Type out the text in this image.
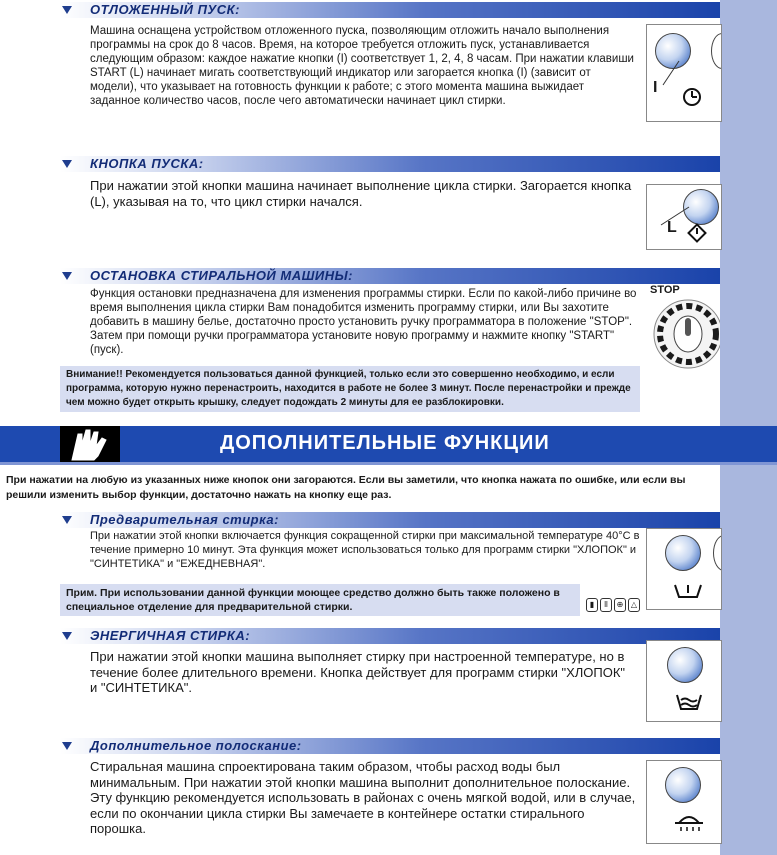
ОТЛОЖЕННЫЙ ПУСК:
Машина оснащена устройством отложенного пуска, позволяющим отложить начало выполнения программы на срок до 8 часов. Время, на которое требуется отложить пуск, устанавливается следующим образом: каждое нажатие кнопки (I) соответствует 1, 2, 4, 8 часам. При нажатии клавиши START (L) начинает мигать соответствующий индикатор или загорается кнопка (I) (зависит от модели), что указывает на готовность функции к работе; с этого момента машина выжидает заданное количество часов, после чего автоматически начинает цикл стирки.
I
КНОПКА ПУСКА:
При нажатии этой кнопки машина начинает выполнение цикла стирки. Загорается кнопка (L), указывая на то, что цикл стирки начался.
L
ОСТАНОВКА СТИРАЛЬНОЙ МАШИНЫ:
Функция остановки предназначена для изменения программы стирки. Если по какой-либо причине во время выполнения цикла стирки Вам понадобится изменить программу стирки, или Вы захотите добавить в машину белье, достаточно просто установить ручку программатора в положение "STOP". Затем при помощи ручки программатора установите новую программу и нажмите кнопку "START" (пуск).
Внимание!! Рекомендуется пользоваться данной функцией, только если это совершенно необходимо, и если программа, которую нужно перенастроить, находится в работе не более 3 минут. После перенастройки и прежде чем можно будет открыть крышку, следует подождать 2 минуты для ее разблокировки.
STOP
ДОПОЛНИТЕЛЬНЫЕ ФУНКЦИИ
При нажатии на любую из указанных ниже кнопок они загораются. Если вы заметили, что кнопка нажата по ошибке, или если вы решили изменить выбор функции, достаточно нажать на кнопку еще раз.
Предварительная стирка:
При нажатии этой кнопки включается функция сокращенной стирки при максимальной температуре 40°С в течение примерно 10 минут. Эта функция может использоваться только для программ стирки "ХЛОПОК" и "СИНТЕТИКА" и "ЕЖЕДНЕВНАЯ".
Прим. При использовании данной функции моющее средство должно быть также положено в специальное отделение для предварительной стирки.	▮ ll ⊕ △
ЭНЕРГИЧНАЯ СТИРКА:
При нажатии этой кнопки машина выполняет стирку при настроенной температуре, но в течение более длительного времени. Кнопка действует для программ стирки "ХЛОПОК" и "СИНТЕТИКА".
Дополнительное полоскание:
Стиральная машина спроектирована таким образом, чтобы расход воды был минимальным. При нажатии этой кнопки машина выполнит дополнительное полоскание. Эту функцию рекомендуется использовать в районах с очень мягкой водой, или в случае, если по окончании цикла стирки Вы замечаете в контейнере остатки стирального порошка.
